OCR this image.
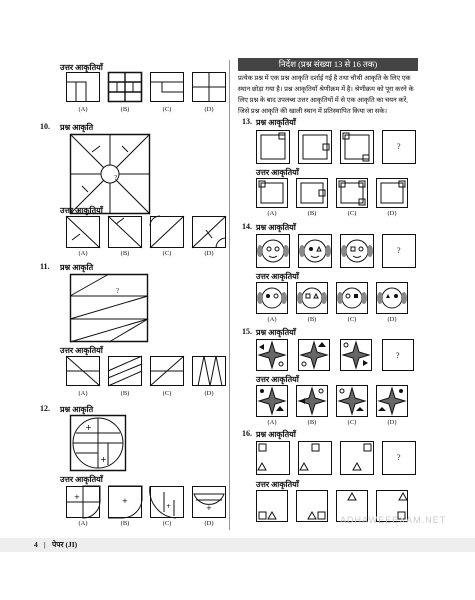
उत्तर आकृतियाँ
(A)	(B)	(C)	(D)
10. प्रश्न आकृति
?
उत्तर आकृतियाँ
(A)	(B)	(C)	(D)
11. प्रश्न आकृति
?
उत्तर आकृतियाँ
(A)	(B)	(C)	(D)
12. प्रश्न आकृति
+
+
उत्तर आकृतियाँ
+	+
+	+
(A)	(B)	(C)	(D)
निर्देश (प्रश्न संख्या 13 से 16 तक)
प्रत्येक प्रश्न में एक प्रश्न आकृति दर्शाई गई है तथा चौथी आकृति के लिए एक स्थान छोड़ा गया है। प्रश्न आकृतियाँ श्रेणीक्रम में है। श्रेणीक्रम को पूरा करने के लिए प्रश्न के बाद उपलब्ध उत्तर आकृतियों में से एक आकृति का चयन करें, जिसे प्रश्न आकृति की खाली स्थान में प्रतिस्थापित किया जा सके।
13. प्रश्न आकृतियाँ
?
उत्तर आकृतियाँ
(A)	(B)	(C)	(D)
14. प्रश्न आकृतियाँ
?
उत्तर आकृतियाँ
(A)	(B)	(C)	(D)
15. प्रश्न आकृतियाँ
?
उत्तर आकृतियाँ
(A)	(B)	(C)	(D)
16. प्रश्न आकृतियाँ
?
उत्तर आकृतियाँ
ADHAWEEEXAM.NET
4 | पेपर (JI)
